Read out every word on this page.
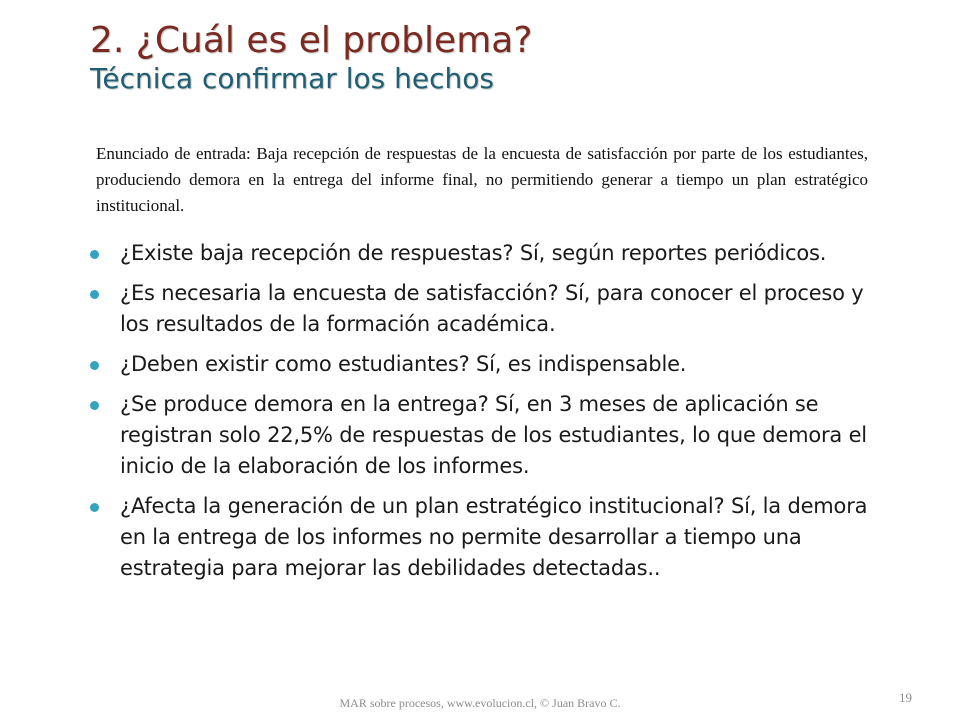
2. ¿Cuál es el problema?
Técnica confirmar los hechos

Enunciado de entrada: Baja recepción de respuestas de la encuesta de satisfacción por parte de los estudiantes, produciendo demora en la entrega del informe final, no permitiendo generar a tiempo un plan estratégico institucional.

¿Existe baja recepción de respuestas? Sí, según reportes periódicos.
¿Es necesaria la encuesta de satisfacción? Sí, para conocer el proceso y los resultados de la formación académica.
¿Deben existir como estudiantes? Sí, es indispensable.
¿Se produce demora en la entrega? Sí, en 3 meses de aplicación se registran solo 22,5% de respuestas de los estudiantes, lo que demora el inicio de la elaboración de los informes.
¿Afecta la generación de un plan estratégico institucional? Sí, la demora en la entrega de los informes no permite desarrollar a tiempo una estrategia para mejorar las debilidades detectadas..
MAR sobre procesos, www.evolucion.cl, © Juan Bravo C.	19
